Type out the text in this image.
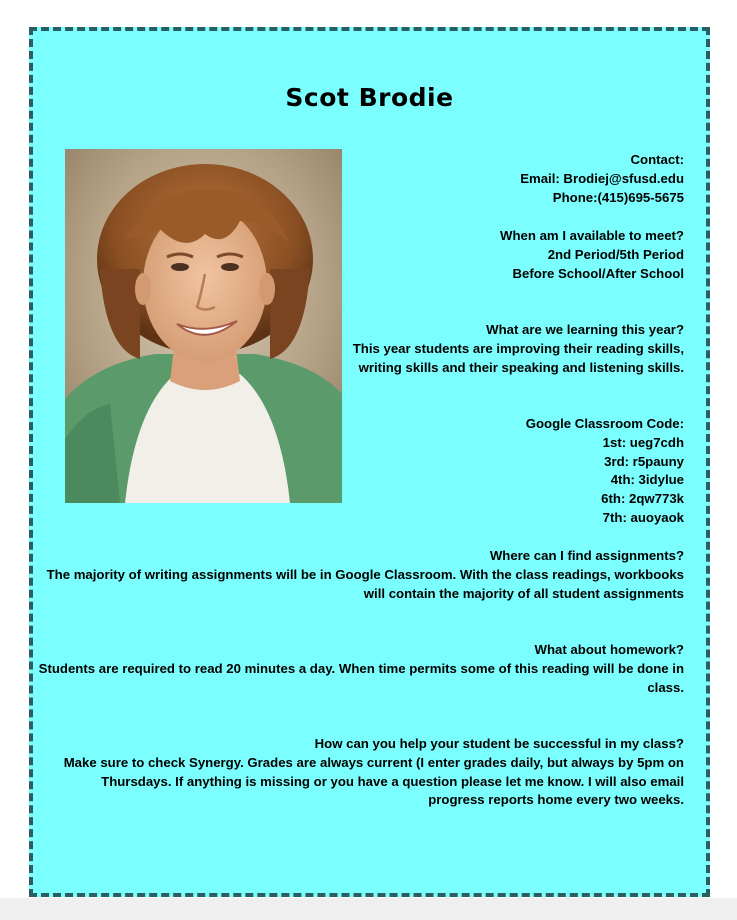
Scot Brodie
Contact:
Email: Brodiej@sfusd.edu
Phone:(415)695-5675
When am I available to meet?
2nd Period/5th Period
Before School/After School
What are we learning this year?
This year students are improving their reading skills, writing skills and their speaking and listening skills.
Google Classroom Code:
1st: ueg7cdh
3rd: r5pauny
4th: 3idylue
6th: 2qw773k
7th: auoyaok
Where can I find assignments?
The majority of writing assignments will be in Google Classroom. With the class readings, workbooks will contain the majority of all student assignments
What about homework?
Students are required to read 20 minutes a day. When time permits some of this reading will be done in class.
How can you help your student be successful in my class?
Make sure to check Synergy. Grades are always current (I enter grades daily, but always by 5pm on Thursdays. If anything is missing or you have a question please let me know. I will also email progress reports home every two weeks.
